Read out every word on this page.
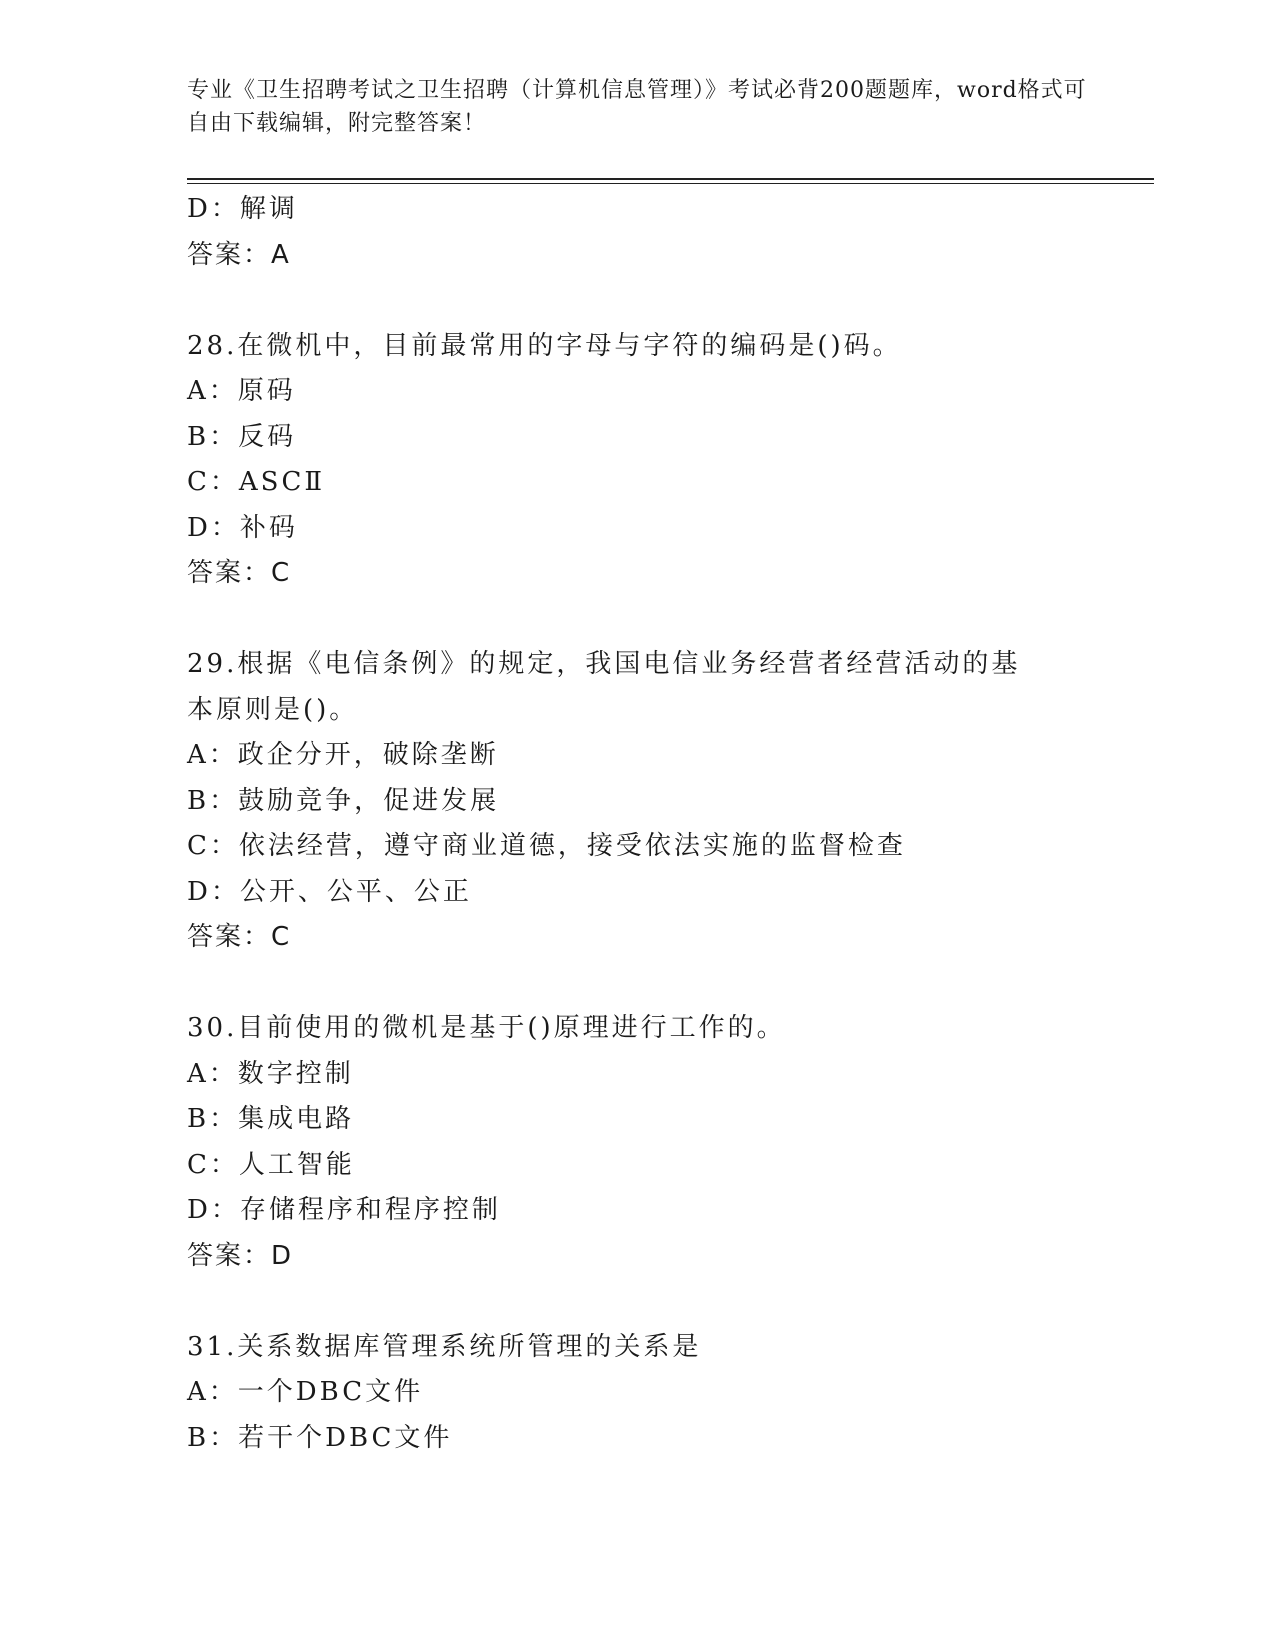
专业《卫生招聘考试之卫生招聘（计算机信息管理）》考试必背200题题库，word格式可自由下载编辑，附完整答案！
D：解调
答案：A
28.在微机中，目前最常用的字母与字符的编码是()码。
A：原码
B：反码
C：ASCⅡ
D：补码
答案：C
29.根据《电信条例》的规定，我国电信业务经营者经营活动的基本原则是()。
A：政企分开，破除垄断
B：鼓励竞争，促进发展
C：依法经营，遵守商业道德，接受依法实施的监督检查
D：公开、公平、公正
答案：C
30.目前使用的微机是基于()原理进行工作的。
A：数字控制
B：集成电路
C：人工智能
D：存储程序和程序控制
答案：D
31.关系数据库管理系统所管理的关系是
A：一个DBC文件
B：若干个DBC文件
